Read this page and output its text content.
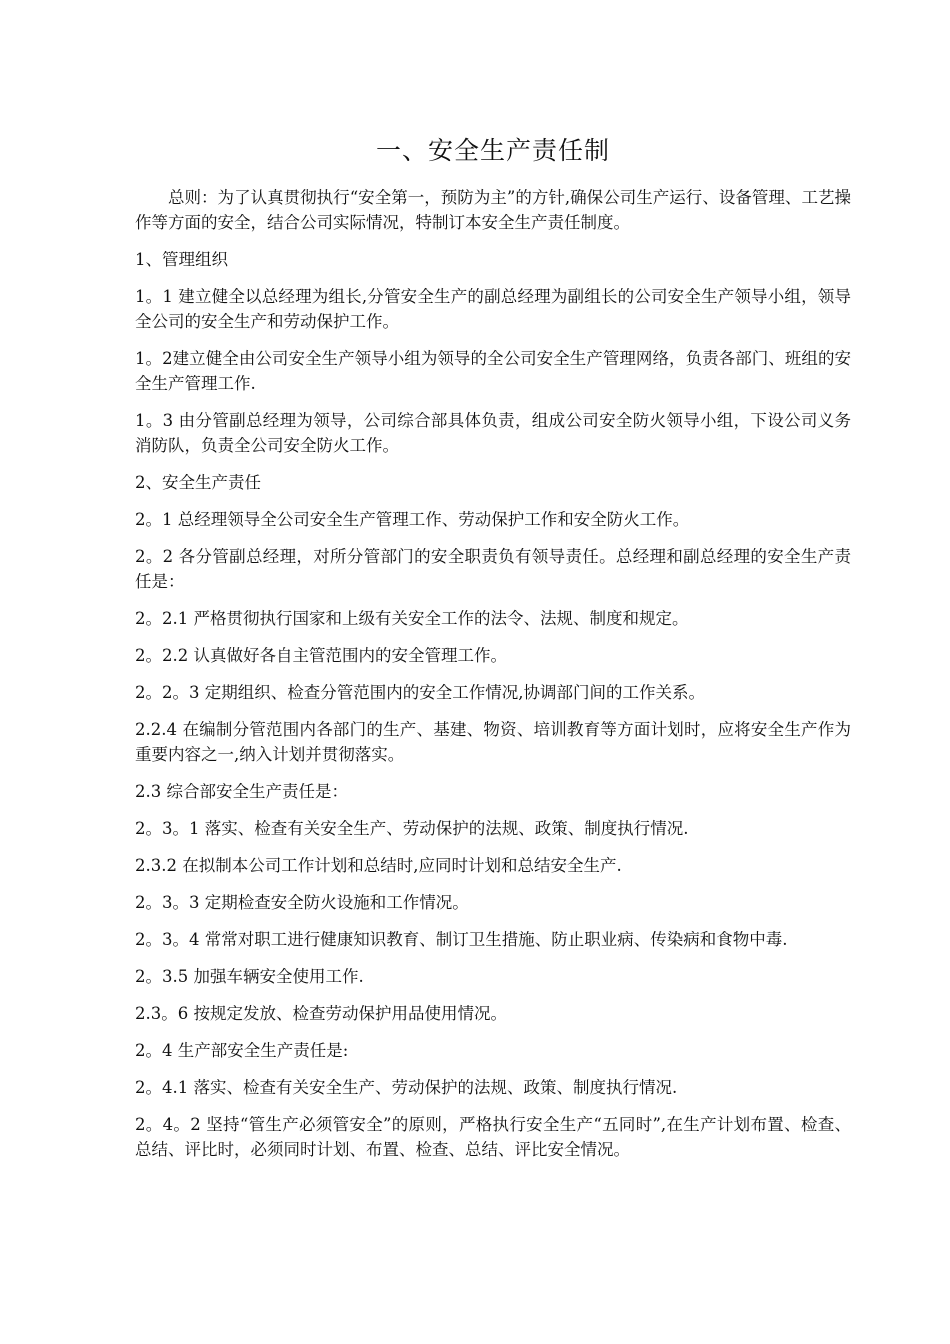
一、安全生产责任制

总则：为了认真贯彻执行“安全第一，预防为主”的方针,确保公司生产运行、设备管理、工艺操作等方面的安全，结合公司实际情况，特制订本安全生产责任制度。

1、管理组织

1。1 建立健全以总经理为组长,分管安全生产的副总经理为副组长的公司安全生产领导小组，领导全公司的安全生产和劳动保护工作。

1。2建立健全由公司安全生产领导小组为领导的全公司安全生产管理网络，负责各部门、班组的安全生产管理工作.

1。3 由分管副总经理为领导，公司综合部具体负责，组成公司安全防火领导小组，下设公司义务消防队，负责全公司安全防火工作。

2、安全生产责任

2。1 总经理领导全公司安全生产管理工作、劳动保护工作和安全防火工作。

2。2 各分管副总经理，对所分管部门的安全职责负有领导责任。总经理和副总经理的安全生产责任是：

2。2.1 严格贯彻执行国家和上级有关安全工作的法令、法规、制度和规定。

2。2.2 认真做好各自主管范围内的安全管理工作。

2。2。3 定期组织、检查分管范围内的安全工作情况,协调部门间的工作关系。

2.2.4 在编制分管范围内各部门的生产、基建、物资、培训教育等方面计划时，应将安全生产作为重要内容之一,纳入计划并贯彻落实。

2.3 综合部安全生产责任是：

2。3。1 落实、检查有关安全生产、劳动保护的法规、政策、制度执行情况.

2.3.2 在拟制本公司工作计划和总结时,应同时计划和总结安全生产.

2。3。3 定期检查安全防火设施和工作情况。

2。3。4 常常对职工进行健康知识教育、制订卫生措施、防止职业病、传染病和食物中毒.

2。3.5 加强车辆安全使用工作.

2.3。6 按规定发放、检查劳动保护用品使用情况。

2。4 生产部安全生产责任是:

2。4.1 落实、检查有关安全生产、劳动保护的法规、政策、制度执行情况.

2。4。2 坚持“管生产必须管安全”的原则，严格执行安全生产“五同时”,在生产计划布置、检查、总结、评比时，必须同时计划、布置、检查、总结、评比安全情况。
